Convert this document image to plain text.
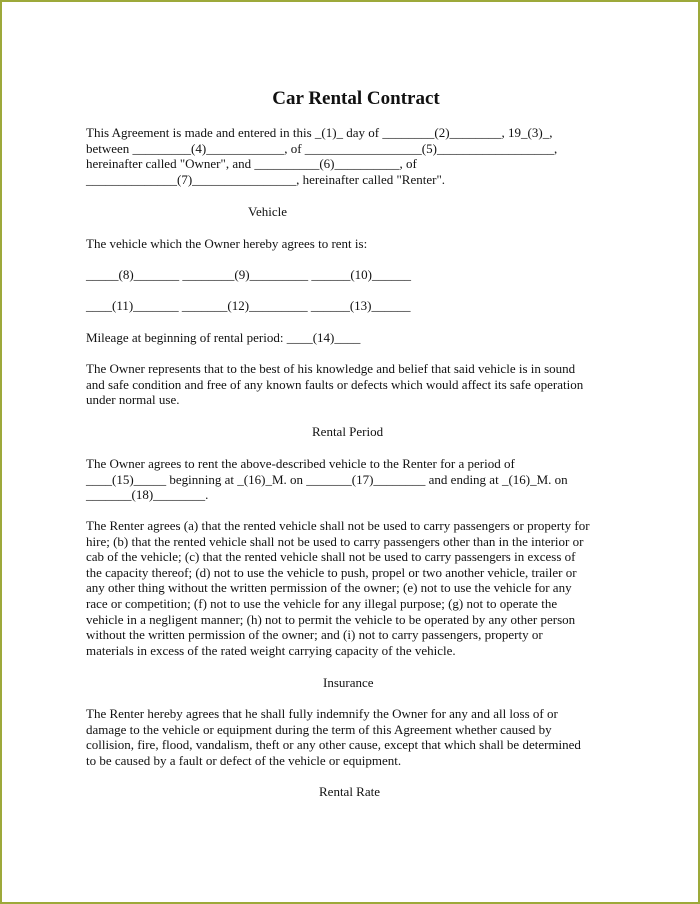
Car Rental Contract

This Agreement is made and entered in this _(1)_ day of ________(2)________, 19_(3)_,
between _________(4)____________, of __________________(5)__________________,
hereinafter called "Owner", and __________(6)__________, of
______________(7)________________, hereinafter called "Renter".

Vehicle

The vehicle which the Owner hereby agrees to rent is:

_____(8)_______ ________(9)_________ ______(10)______

____(11)_______ _______(12)_________ ______(13)______

Mileage at beginning of rental period: ____(14)____

The Owner represents that to the best of his knowledge and belief that said vehicle is in sound
and safe condition and free of any known faults or defects which would affect its safe operation
under normal use.

Rental Period

The Owner agrees to rent the above-described vehicle to the Renter for a period of
____(15)_____ beginning at _(16)_M. on _______(17)________ and ending at _(16)_M. on
_______(18)________.

The Renter agrees (a) that the rented vehicle shall not be used to carry passengers or property for
hire; (b) that the rented vehicle shall not be used to carry passengers other than in the interior or
cab of the vehicle; (c) that the rented vehicle shall not be used to carry passengers in excess of
the capacity thereof; (d) not to use the vehicle to push, propel or two another vehicle, trailer or
any other thing without the written permission of the owner; (e) not to use the vehicle for any
race or competition; (f) not to use the vehicle for any illegal purpose; (g) not to operate the
vehicle in a negligent manner; (h) not to permit the vehicle to be operated by any other person
without the written permission of the owner; and (i) not to carry passengers, property or
materials in excess of the rated weight carrying capacity of the vehicle.

Insurance

The Renter hereby agrees that he shall fully indemnify the Owner for any and all loss of or
damage to the vehicle or equipment during the term of this Agreement whether caused by
collision, fire, flood, vandalism, theft or any other cause, except that which shall be determined
to be caused by a fault or defect of the vehicle or equipment.

Rental Rate
